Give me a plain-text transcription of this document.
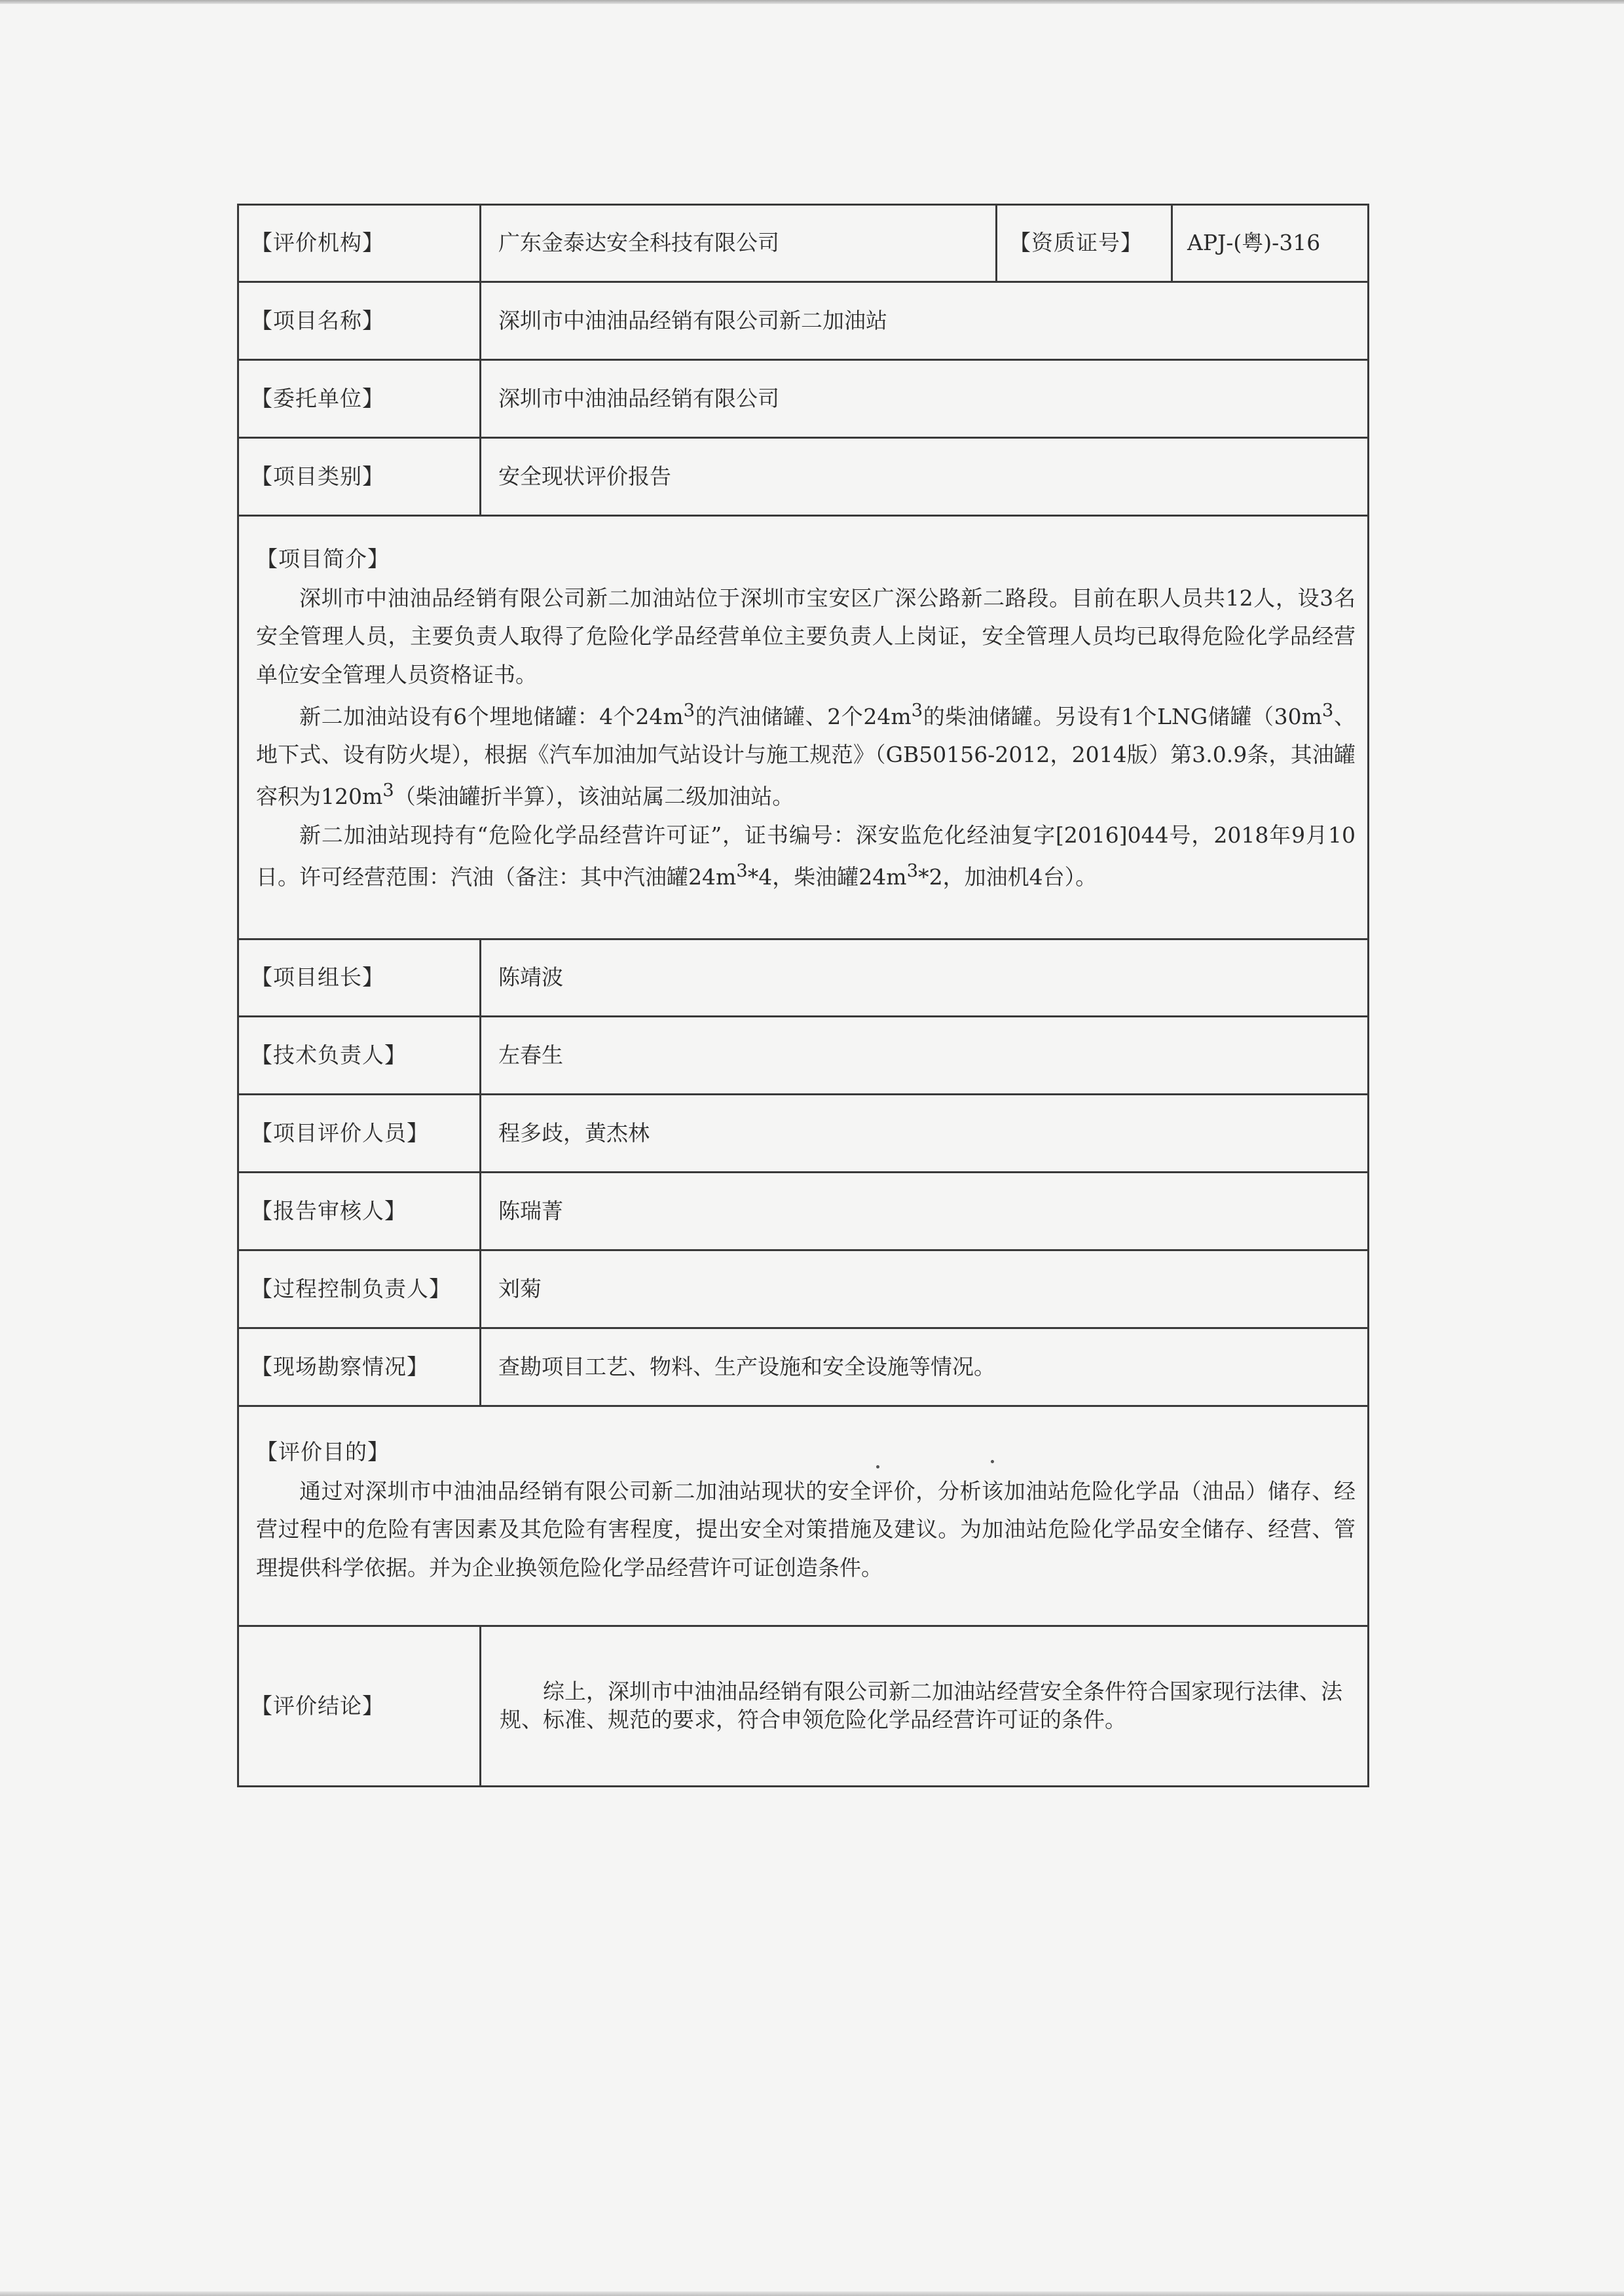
【评价机构】	广东金泰达安全科技有限公司	【资质证号】	APJ-(粤)-316
【项目名称】	深圳市中油油品经销有限公司新二加油站		
【委托单位】	深圳市中油油品经销有限公司		
【项目类别】	安全现状评价报告		

【项目简介】

深圳市中油油品经销有限公司新二加油站位于深圳市宝安区广深公路新二路段。目前在职人员共12人，设3名安全管理人员，主要负责人取得了危险化学品经营单位主要负责人上岗证，安全管理人员均已取得危险化学品经营单位安全管理人员资格证书。

新二加油站设有6个埋地储罐：4个$24m^3$的汽油储罐、2个$24m^3$的柴油储罐。另设有1个LNG储罐（$30m^3$、地下式、设有防火堤），根据《汽车加油加气站设计与施工规范》（GB50156-2012，2014版）第3.0.9条，其油罐容积为$120m^3$（柴油罐折半算），该油站属二级加油站。

新二加油站现持有“危险化学品经营许可证”，证书编号：深安监危化经油复字[2016]044号，2018年9月10日。许可经营范围：汽油（备注：其中汽油罐$24m^3*4$，柴油罐$24m^3*2$，加油机4台）。			

【项目组长】	陈靖波		
【技术负责人】	左春生		
【项目评价人员】	程多歧，黄杰林		
【报告审核人】	陈瑞菁		
【过程控制负责人】	刘菊		
【现场勘察情况】	查勘项目工艺、物料、生产设施和安全设施等情况。		

【评价目的】

通过对深圳市中油油品经销有限公司新二加油站现状的安全评价，分析该加油站危险化学品（油品）储存、经营过程中的危险有害因素及其危险有害程度，提出安全对策措施及建议。为加油站危险化学品安全储存、经营、管理提供科学依据。并为企业换领危险化学品经营许可证创造条件。			

【评价结论】	综上，深圳市中油油品经销有限公司新二加油站经营安全条件符合国家现行法律、法规、标准、规范的要求，符合申领危险化学品经营许可证的条件。		
